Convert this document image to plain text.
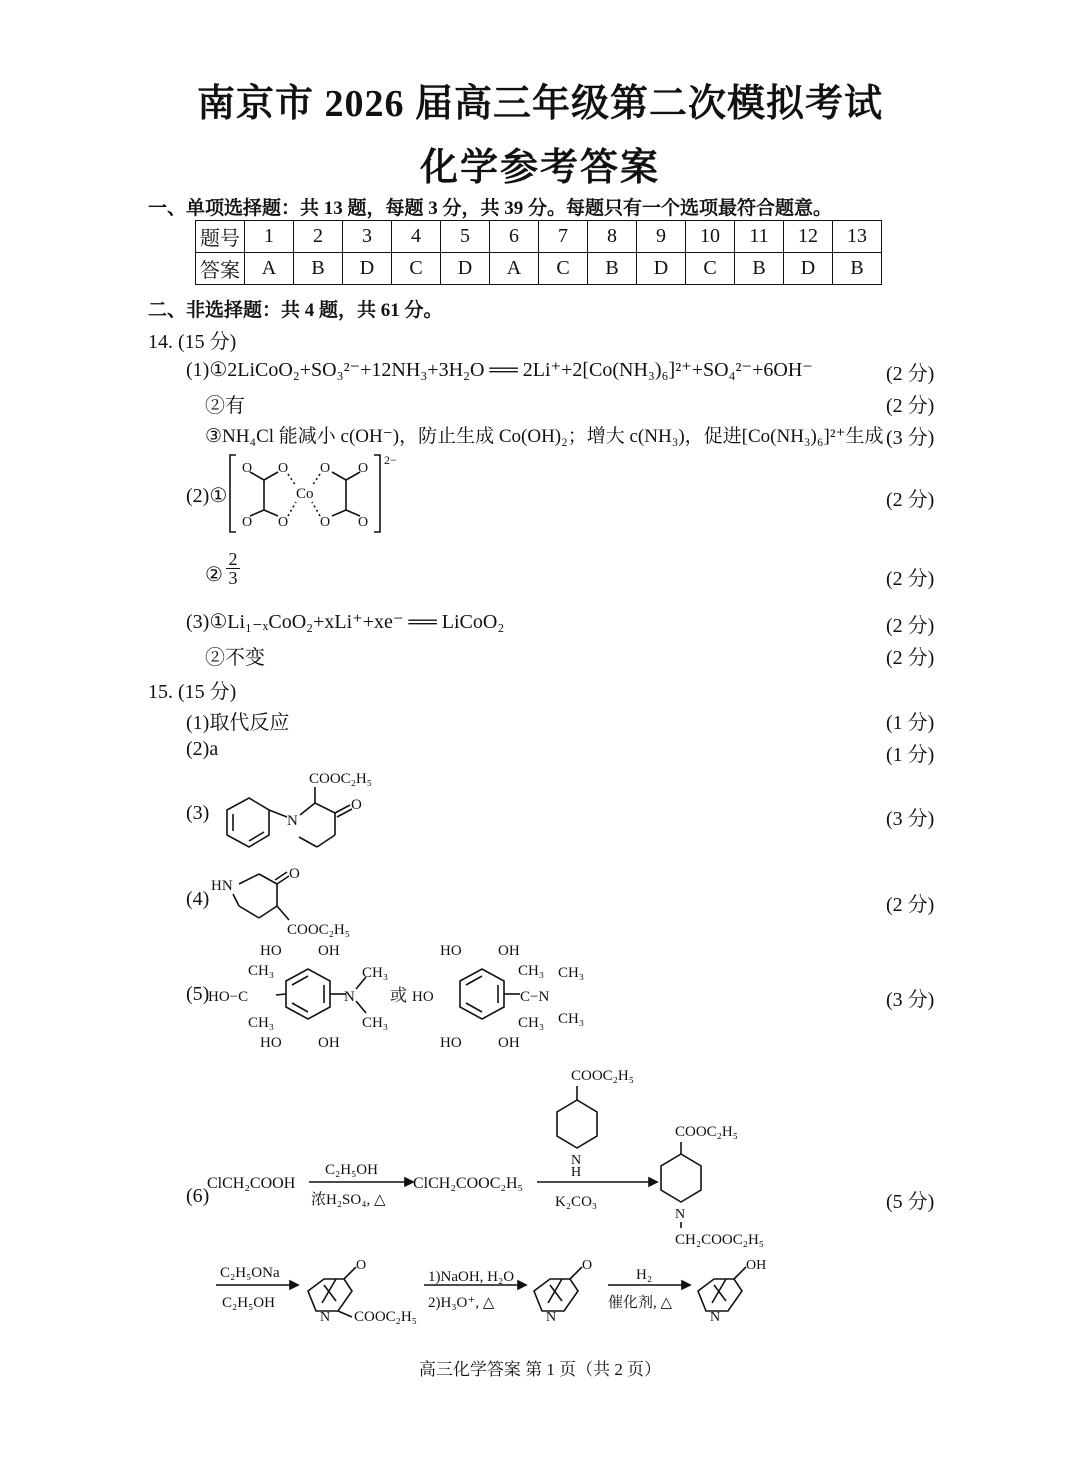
南京市 2026 届高三年级第二次模拟考试
化学参考答案
一、单项选择题：共 13 题，每题 3 分，共 39 分。每题只有一个选项最符合题意。
题号	1	2	3	4	5	6	7	8	9	10	11	12	13
答案	A	B	D	C	D	A	C	B	D	C	B	D	B
二、非选择题：共 4 题，共 61 分。
14. (15 分)
(1)①2LiCoO₂+SO₃²⁻+12NH₃+3H₂O ══ 2Li⁺+2[Co(NH₃)₆]²⁺+SO₄²⁻+6OH⁻	(2 分)
②有	(2 分)
③NH₄Cl 能减小 c(OH⁻)，防止生成 Co(OH)₂；增大 c(NH₃)，促进[Co(NH₃)₆]²⁺生成 (3 分)
(2)①	(2 分)
2−
Co
O
O
O
O
O
O
O
O
② $\frac{2}{3}$	(2 分)
(3)①Li₁₋ₓCoO₂+xLi⁺+xe⁻ ══ LiCoO₂	(2 分)
②不变	(2 分)
15. (15 分)
(1)取代反应	(1 分)
(2)a	(1 分)
(3)	(3 分)
N
COOC₂H₅
O
(4)	(2 分)
HN
O
COOC₂H₅
(5)	(3 分)
HO OH
HO OH
CH₃
HO−C
CH₃
N
CH₃
CH₃
或
HO OH
HO OH
HO
CH₃
C−N
CH₃
CH₃
CH₃
(6)	(5 分)
ClCH₂COOH
C₂H₅OH
浓H₂SO₄, △
ClCH₂COOC₂H₅
K₂CO₃
COOC₂H₅
N
H
COOC₂H₅
N
CH₂COOC₂H₅
C₂H₅ONa
C₂H₅OH
O
N COOC₂H₅
1)NaOH, H₂O
2)H₃O⁺, △
O
N
H₂
催化剂, △
OH
N
高三化学答案 第 1 页（共 2 页）
